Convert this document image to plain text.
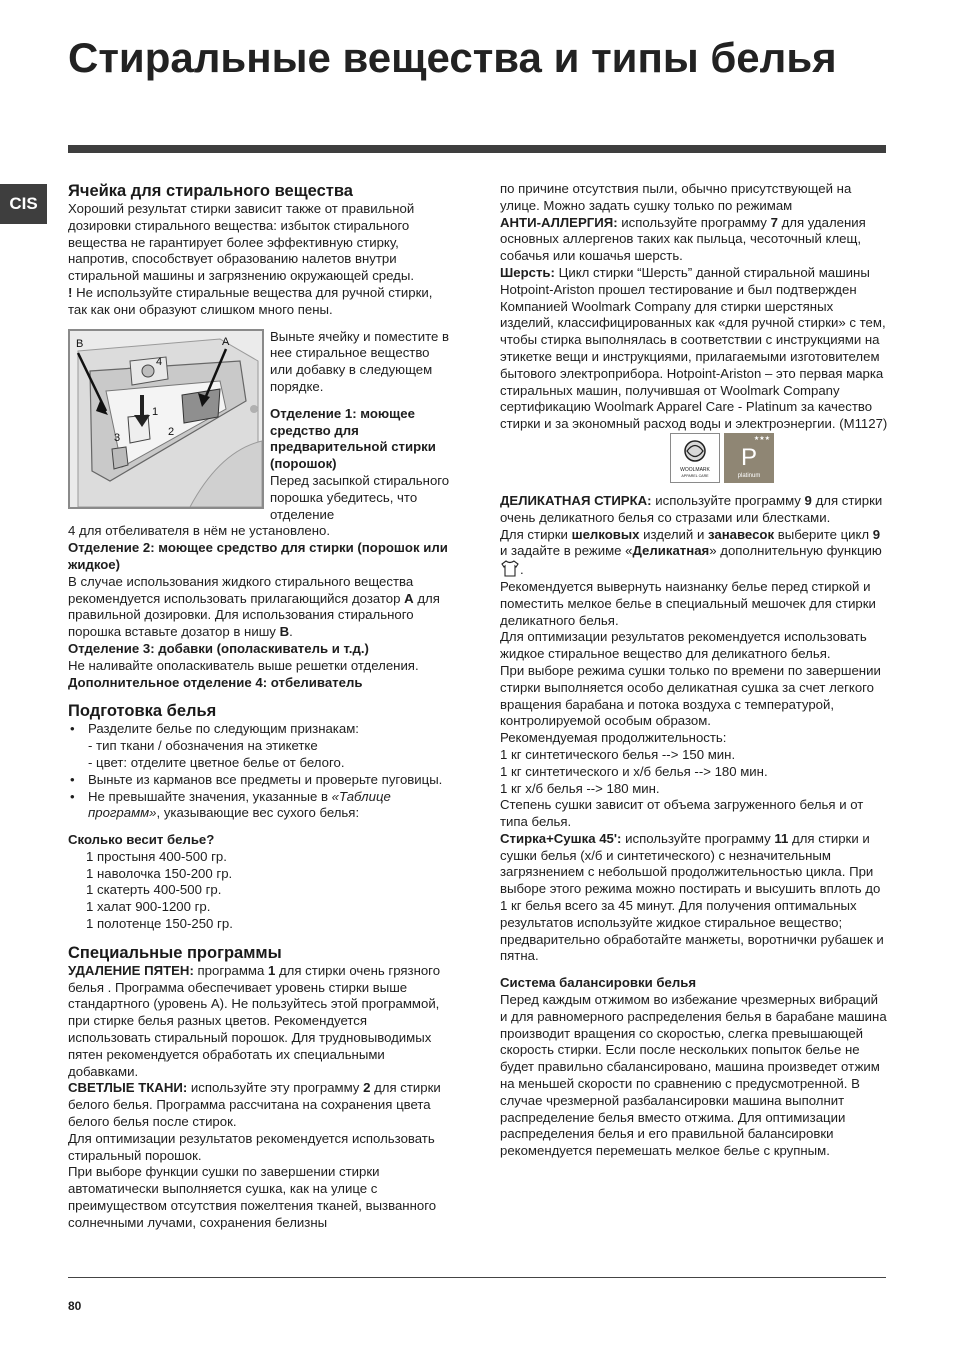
Стиральные вещества и типы белья
CIS
Ячейка для стирального вещества

Хороший результат стирки зависит также от правильной дозировки стирального вещества: избыток стирального вещества не гарантирует более эффективную стирку, напротив, способствует образованию налетов внутри стиральной машины и загрязнению окружающей среды.

! Не используйте стиральные вещества для ручной стирки, так как они образуют слишком много пены.

B	A
4
1
2
3

Выньте ячейку и поместите в нее стиральное вещество или добавку в следующем порядке.

Отделение 1: моющее средство для предварительной стирки (порошок)

Перед засыпкой стирального порошка убедитесь, что отделение

4 для отбеливателя в нём не установлено.

Отделение 2: моющее средство для стирки (порошок или жидкое)

В случае использования жидкого стирального вещества рекомендуется использовать прилагающийся дозатор A для правильной дозировки. Для использования стирального порошка вставьте дозатор в нишу B.

Отделение 3: добавки (ополаскиватель и т.д.)

Не наливайте ополаскиватель выше решетки отделения.

Дополнительное отделение 4: отбеливатель

Подготовка белья
• Разделите белье по следующим признакам:
- тип ткани / обозначения на этикетке
- цвет: отделите цветное белье от белого.
• Выньте из карманов все предметы и проверьте пуговицы.
• Не превышайте значения, указанные в «Таблице программ», указывающие вес сухого белья:

Сколько весит белье?

1 простыня 400-500 гр.

1 наволочка 150-200 гр.

1 скатерть 400-500 гр.

1 халат 900-1200 гр.

1 полотенце 150-250 гр.

Специальные программы

УДАЛЕНИЕ ПЯТЕН: программа 1 для стирки очень грязного белья . Программа обеспечивает уровень стирки выше стандартного (уровень А). Не пользуйтесь этой программой, при стирке белья разных цветов. Рекомендуется использовать стиральный порошок. Для трудновыводимых пятен рекомендуется обработать их специальными добавками.

СВЕТЛЫЕ ТКАНИ: используйте эту программу 2 для стирки белого белья. Программа рассчитана на сохранения цвета белого белья после стирок.

Для оптимизации результатов рекомендуется использовать стиральный порошок.

При выборе функции сушки по завершении стирки автоматически выполняется сушка, как на улице с преимуществом отсутствия пожелтения тканей, вызванного солнечными лучами, сохранения белизны

по причине отсутствия пыли, обычно присутствующей на улице. Можно задать сушку только по режимам

АНТИ-АЛЛЕРГИЯ: используйте программу 7 для удаления основных аллергенов таких как пыльца, чесоточный клещ, собачья или кошачья шерсть.

Шерсть: Цикл стирки “Шерсть” данной стиральной машины Hotpoint-Ariston прошел тестирование и был подтвержден Компанией Woolmark Company для стирки шерстяных изделий, классифицированных как «для ручной стирки» с тем, чтобы стирка выполнялась в соответствии с инструкциями на этикетке вещи и инструкциями, прилагаемыми изготовителем бытового электроприбора. Hotpoint-Ariston – это первая марка стиральных машин, получившая от Woolmark Company сертификацию Woolmark Apparel Care - Platinum за качество стирки и за экономный расход воды и электроэнергии. (M1127)

WOOLMARK
APPAREL CARE
★★★
P
platinum

ДЕЛИКАТНАЯ СТИРКА: используйте программу 9 для стирки очень деликатного белья со стразами или блестками.

Для стирки шелковых изделий и занавесок выберите цикл 9 и задайте в режиме «Деликатная» дополнительную функцию .

Рекомендуется вывернуть наизнанку белье перед стиркой и поместить мелкое белье в специальный мешочек для стирки деликатного белья.

Для оптимизации результатов рекомендуется использовать жидкое стиральное вещество для деликатного белья.

При выборе режима сушки только по времени по завершении стирки выполняется особо деликатная сушка за счет легкого вращения барабана и потока воздуха с температурой, контролируемой особым образом.

Рекомендуемая продолжительность:

1 кг синтетического белья --> 150 мин.

1 кг синтетического и х/б белья --> 180 мин.

1 кг х/б белья --> 180 мин.

Степень сушки зависит от объема загруженного белья и от типа белья.

Стирка+Сушка 45': используйте программу 11 для стирки и сушки белья (х/б и синтетического) с незначительным загрязнением с небольшой продолжительностью цикла. При выборе этого режима можно постирать и высушить вплоть до 1 кг белья всего за 45 минут. Для получения оптимальных результатов используйте жидкое стиральное вещество; предварительно обработайте манжеты, воротнички рубашек и пятна.

Система балансировки белья

Перед каждым отжимом во избежание чрезмерных вибраций и для равномерного распределения белья в барабане машина производит вращения со скоростью, слегка превышающей скорость стирки. Если после нескольких попыток белье не будет правильно сбалансировано, машина произведет отжим на меньшей скорости по сравнению с предусмотренной. В случае чрезмерной разбалансировки машина выполнит распределение белья вместо отжима. Для оптимизации распределения белья и его правильной балансировки рекомендуется перемешать мелкое белье с крупным.

80
